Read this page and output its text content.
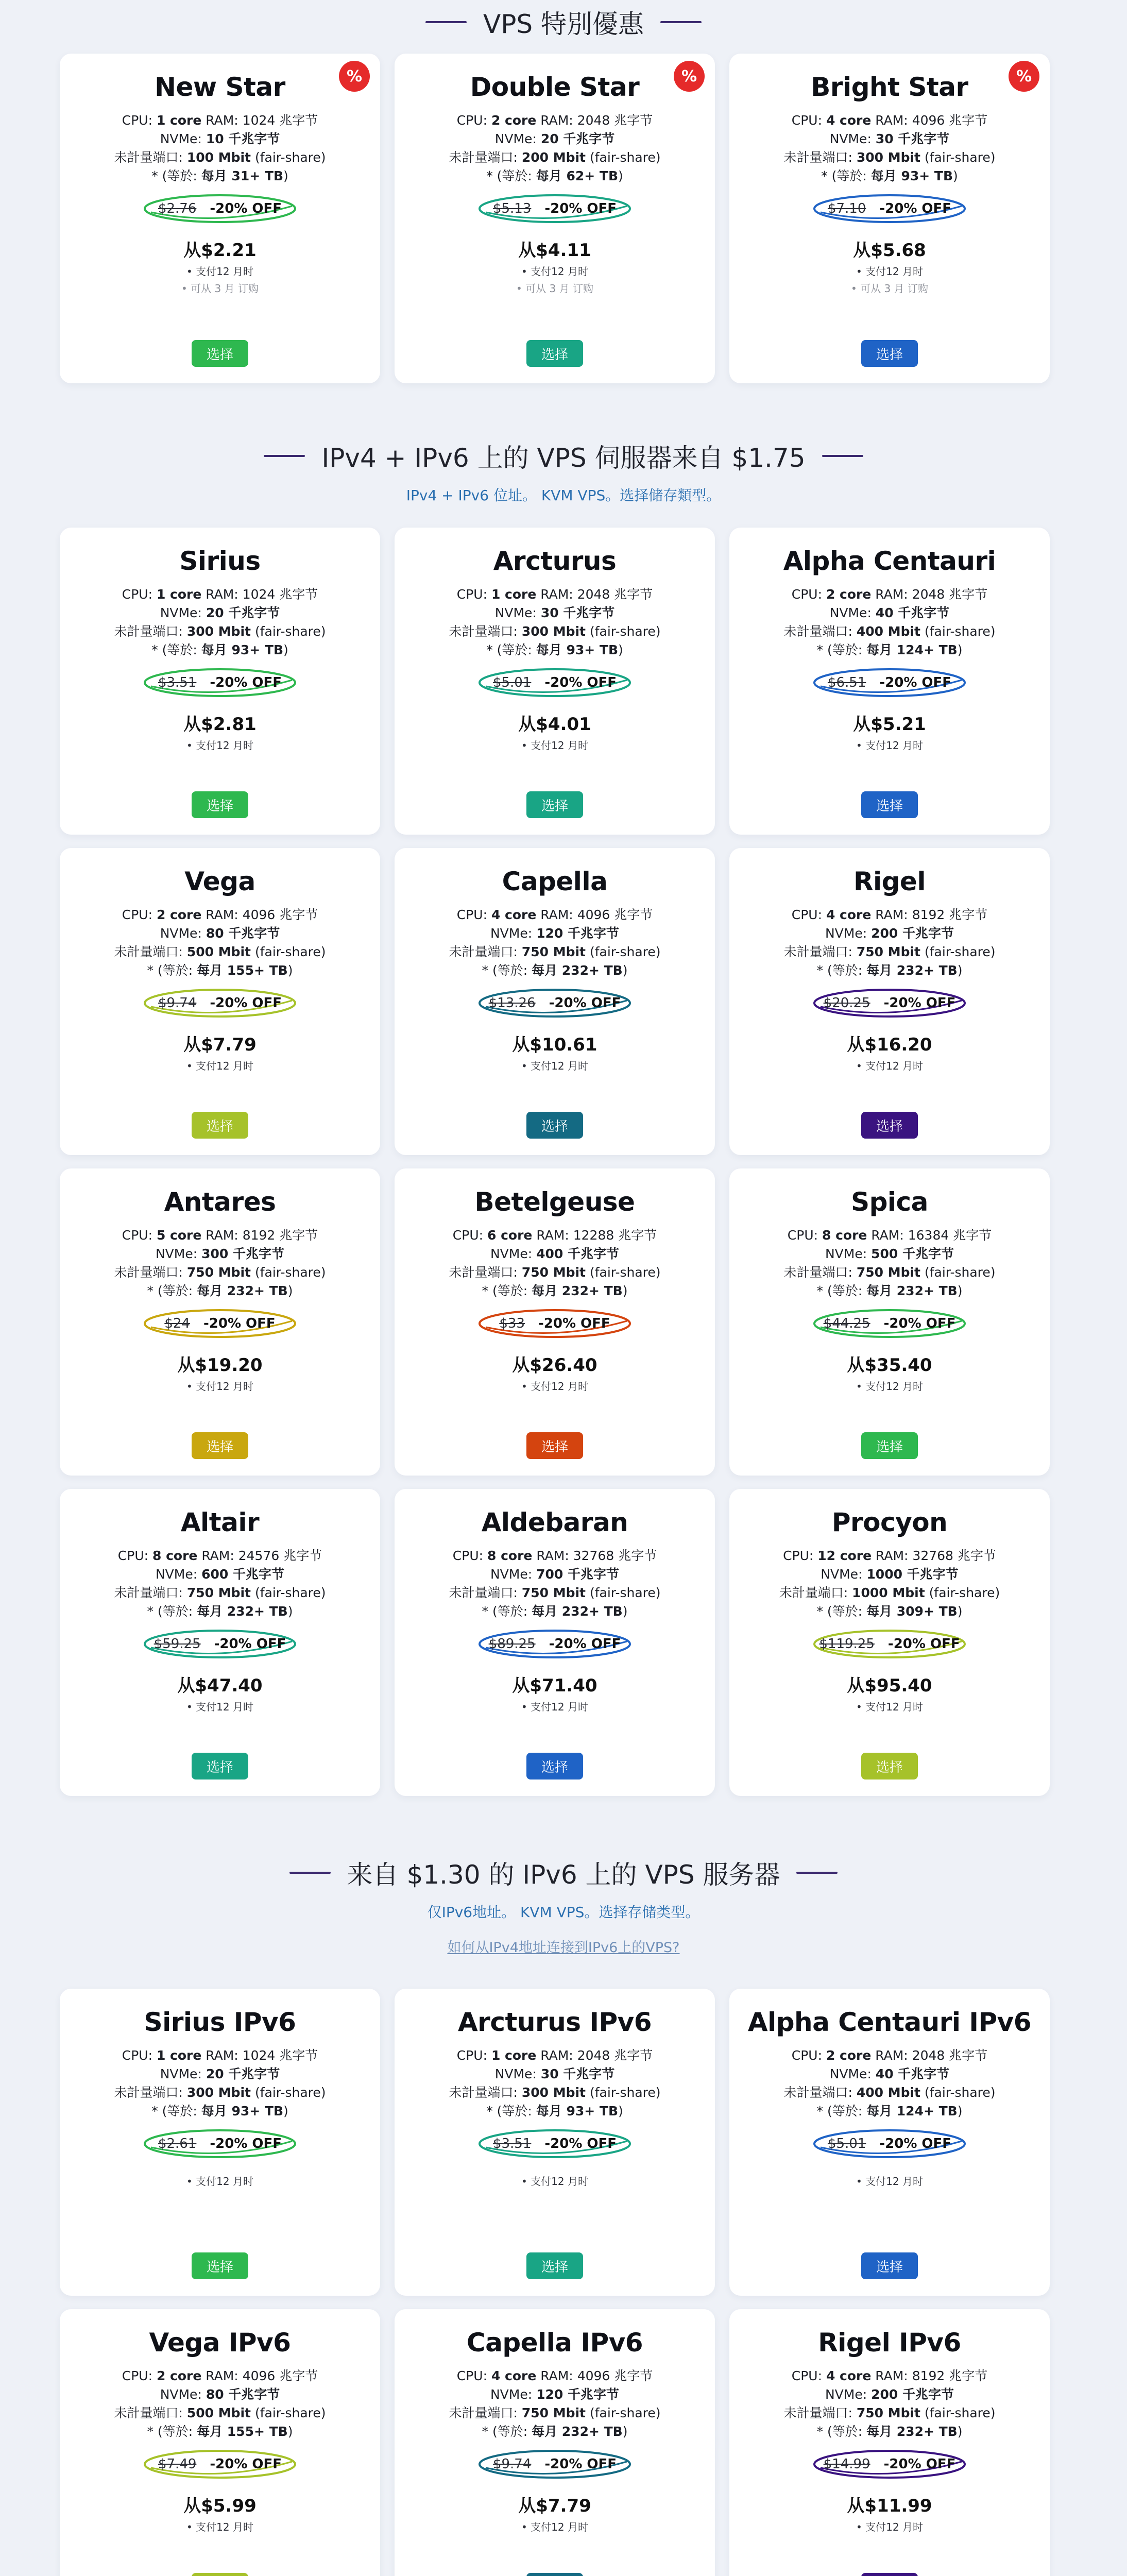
VPS 特別優惠
%
New Star
CPU: 1 core RAM: 1024 兆字节
NVMe: 10 千兆字节
未計量端口: 100 Mbit (fair-share)
* (等於: 每月 31+ TB)
$2.76 -20% OFF
从$2.21
• 支付12 月时
• 可从 3 月 订购
选择
%
Double Star
CPU: 2 core RAM: 2048 兆字节
NVMe: 20 千兆字节
未計量端口: 200 Mbit (fair-share)
* (等於: 每月 62+ TB)
$5.13 -20% OFF
从$4.11
• 支付12 月时
• 可从 3 月 订购
选择
%
Bright Star
CPU: 4 core RAM: 4096 兆字节
NVMe: 30 千兆字节
未計量端口: 300 Mbit (fair-share)
* (等於: 每月 93+ TB)
$7.10 -20% OFF
从$5.68
• 支付12 月时
• 可从 3 月 订购
选择
IPv4 + IPv6 上的 VPS 伺服器来自 $1.75
IPv4 + IPv6 位址。 KVM VPS。选择储存類型。
Sirius
CPU: 1 core RAM: 1024 兆字节
NVMe: 20 千兆字节
未計量端口: 300 Mbit (fair-share)
* (等於: 每月 93+ TB)
$3.51 -20% OFF
从$2.81
• 支付12 月时
选择
Arcturus
CPU: 1 core RAM: 2048 兆字节
NVMe: 30 千兆字节
未計量端口: 300 Mbit (fair-share)
* (等於: 每月 93+ TB)
$5.01 -20% OFF
从$4.01
• 支付12 月时
选择
Alpha Centauri
CPU: 2 core RAM: 2048 兆字节
NVMe: 40 千兆字节
未計量端口: 400 Mbit (fair-share)
* (等於: 每月 124+ TB)
$6.51 -20% OFF
从$5.21
• 支付12 月时
选择
Vega
CPU: 2 core RAM: 4096 兆字节
NVMe: 80 千兆字节
未計量端口: 500 Mbit (fair-share)
* (等於: 每月 155+ TB)
$9.74 -20% OFF
从$7.79
• 支付12 月时
选择
Capella
CPU: 4 core RAM: 4096 兆字节
NVMe: 120 千兆字节
未計量端口: 750 Mbit (fair-share)
* (等於: 每月 232+ TB)
$13.26 -20% OFF
从$10.61
• 支付12 月时
选择
Rigel
CPU: 4 core RAM: 8192 兆字节
NVMe: 200 千兆字节
未計量端口: 750 Mbit (fair-share)
* (等於: 每月 232+ TB)
$20.25 -20% OFF
从$16.20
• 支付12 月时
选择
Antares
CPU: 5 core RAM: 8192 兆字节
NVMe: 300 千兆字节
未計量端口: 750 Mbit (fair-share)
* (等於: 每月 232+ TB)
$24 -20% OFF
从$19.20
• 支付12 月时
选择
Betelgeuse
CPU: 6 core RAM: 12288 兆字节
NVMe: 400 千兆字节
未計量端口: 750 Mbit (fair-share)
* (等於: 每月 232+ TB)
$33 -20% OFF
从$26.40
• 支付12 月时
选择
Spica
CPU: 8 core RAM: 16384 兆字节
NVMe: 500 千兆字节
未計量端口: 750 Mbit (fair-share)
* (等於: 每月 232+ TB)
$44.25 -20% OFF
从$35.40
• 支付12 月时
选择
Altair
CPU: 8 core RAM: 24576 兆字节
NVMe: 600 千兆字节
未計量端口: 750 Mbit (fair-share)
* (等於: 每月 232+ TB)
$59.25 -20% OFF
从$47.40
• 支付12 月时
选择
Aldebaran
CPU: 8 core RAM: 32768 兆字节
NVMe: 700 千兆字节
未計量端口: 750 Mbit (fair-share)
* (等於: 每月 232+ TB)
$89.25 -20% OFF
从$71.40
• 支付12 月时
选择
Procyon
CPU: 12 core RAM: 32768 兆字节
NVMe: 1000 千兆字节
未計量端口: 1000 Mbit (fair-share)
* (等於: 每月 309+ TB)
$119.25 -20% OFF
从$95.40
• 支付12 月时
选择
来自 $1.30 的 IPv6 上的 VPS 服务器
仅IPv6地址。 KVM VPS。选择存储类型。
如何从IPv4地址连接到IPv6上的VPS?
Sirius IPv6
CPU: 1 core RAM: 1024 兆字节
NVMe: 20 千兆字节
未計量端口: 300 Mbit (fair-share)
* (等於: 每月 93+ TB)
$2.61 -20% OFF
• 支付12 月时
选择
Arcturus IPv6
CPU: 1 core RAM: 2048 兆字节
NVMe: 30 千兆字节
未計量端口: 300 Mbit (fair-share)
* (等於: 每月 93+ TB)
$3.51 -20% OFF
• 支付12 月时
选择
Alpha Centauri IPv6
CPU: 2 core RAM: 2048 兆字节
NVMe: 40 千兆字节
未計量端口: 400 Mbit (fair-share)
* (等於: 每月 124+ TB)
$5.01 -20% OFF
• 支付12 月时
选择
Vega IPv6
CPU: 2 core RAM: 4096 兆字节
NVMe: 80 千兆字节
未計量端口: 500 Mbit (fair-share)
* (等於: 每月 155+ TB)
$7.49 -20% OFF
从$5.99
• 支付12 月时
Capella IPv6
CPU: 4 core RAM: 4096 兆字节
NVMe: 120 千兆字节
未計量端口: 750 Mbit (fair-share)
* (等於: 每月 232+ TB)
$9.74 -20% OFF
从$7.79
• 支付12 月时
Rigel IPv6
CPU: 4 core RAM: 8192 兆字节
NVMe: 200 千兆字节
未計量端口: 750 Mbit (fair-share)
* (等於: 每月 232+ TB)
$14.99 -20% OFF
从$11.99
• 支付12 月时
